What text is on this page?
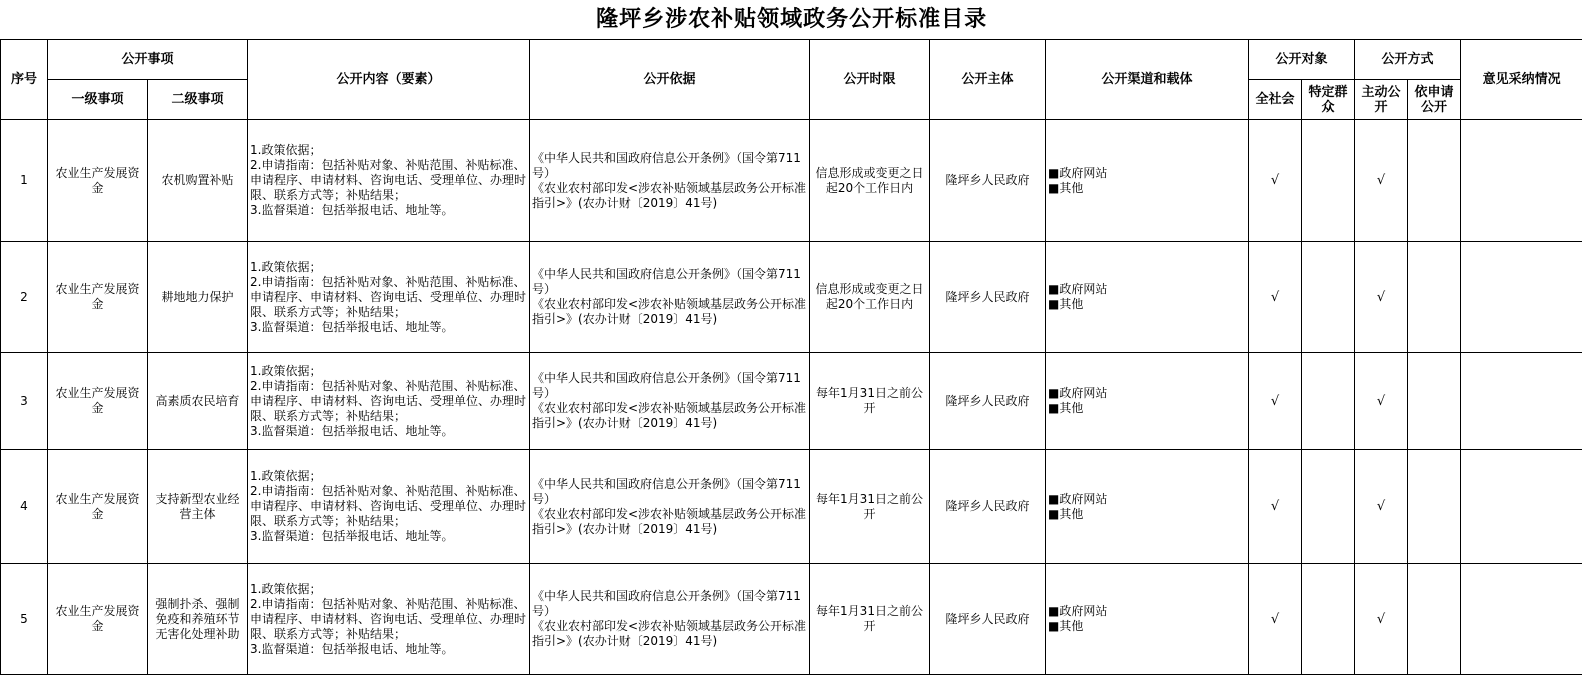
隆坪乡涉农补贴领域政务公开标准目录												
序号	公开事项		公开内容（要素）	公开依据	公开时限	公开主体	公开渠道和载体	公开对象		公开方式		意见采纳情况
	一级事项	二级事项						全社会	特定群众	主动公开	依申请公开	
1	农业生产发展资金	农机购置补贴	1.政策依据；
2.申请指南：包括补贴对象、补贴范围、补贴标准、申请程序、申请材料、咨询电话、受理单位、办理时限、联系方式等；补贴结果；
3.监督渠道：包括举报电话、地址等。	《中华人民共和国政府信息公开条例》（国令第711号）
《农业农村部印发<涉农补贴领域基层政务公开标准指引>》(农办计财〔2019〕41号)	信息形成或变更之日起20个工作日内	隆坪乡人民政府	■政府网站
■其他	√		√		
2	农业生产发展资金	耕地地力保护	1.政策依据；
2.申请指南：包括补贴对象、补贴范围、补贴标准、申请程序、申请材料、咨询电话、受理单位、办理时限、联系方式等；补贴结果；
3.监督渠道：包括举报电话、地址等。	《中华人民共和国政府信息公开条例》（国令第711号）
《农业农村部印发<涉农补贴领域基层政务公开标准指引>》(农办计财〔2019〕41号)	信息形成或变更之日起20个工作日内	隆坪乡人民政府	■政府网站
■其他	√		√		
3	农业生产发展资金	高素质农民培育	1.政策依据；
2.申请指南：包括补贴对象、补贴范围、补贴标准、申请程序、申请材料、咨询电话、受理单位、办理时限、联系方式等；补贴结果；
3.监督渠道：包括举报电话、地址等。	《中华人民共和国政府信息公开条例》（国令第711号）
《农业农村部印发<涉农补贴领域基层政务公开标准指引>》(农办计财〔2019〕41号)	每年1月31日之前公开	隆坪乡人民政府	■政府网站
■其他	√		√		
4	农业生产发展资金	支持新型农业经营主体	1.政策依据；
2.申请指南：包括补贴对象、补贴范围、补贴标准、申请程序、申请材料、咨询电话、受理单位、办理时限、联系方式等；补贴结果；
3.监督渠道：包括举报电话、地址等。	《中华人民共和国政府信息公开条例》（国令第711号）
《农业农村部印发<涉农补贴领域基层政务公开标准指引>》(农办计财〔2019〕41号)	每年1月31日之前公开	隆坪乡人民政府	■政府网站
■其他	√		√		
5	农业生产发展资金	强制扑杀、强制免疫和养殖环节无害化处理补助	1.政策依据；
2.申请指南：包括补贴对象、补贴范围、补贴标准、申请程序、申请材料、咨询电话、受理单位、办理时限、联系方式等；补贴结果；
3.监督渠道：包括举报电话、地址等。	《中华人民共和国政府信息公开条例》（国令第711号）
《农业农村部印发<涉农补贴领域基层政务公开标准指引>》(农办计财〔2019〕41号)	每年1月31日之前公开	隆坪乡人民政府	■政府网站
■其他	√		√		
